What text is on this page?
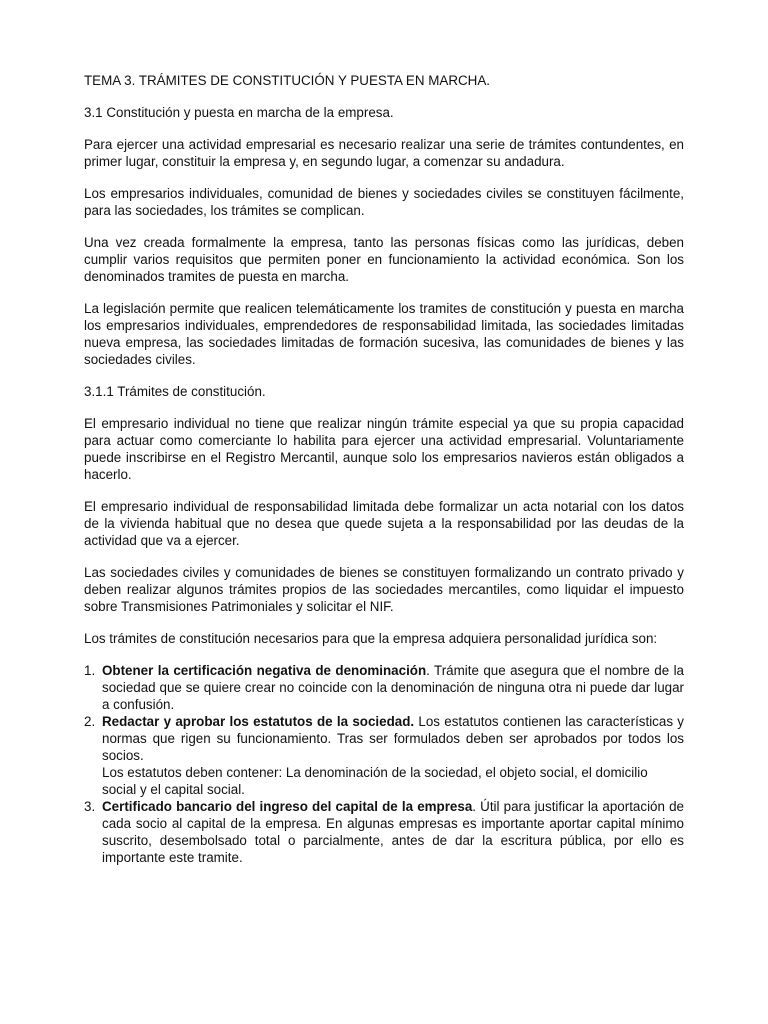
TEMA 3. TRÁMITES DE CONSTITUCIÓN Y PUESTA EN MARCHA.

3.1 Constitución y puesta en marcha de la empresa.

Para ejercer una actividad empresarial es necesario realizar una serie de trámites contundentes, en primer lugar, constituir la empresa y, en segundo lugar, a comenzar su andadura.

Los empresarios individuales, comunidad de bienes y sociedades civiles se constituyen fácilmente, para las sociedades, los trámites se complican.

Una vez creada formalmente la empresa, tanto las personas físicas como las jurídicas, deben cumplir varios requisitos que permiten poner en funcionamiento la actividad económica. Son los denominados tramites de puesta en marcha.

La legislación permite que realicen telemáticamente los tramites de constitución y puesta en marcha los empresarios individuales, emprendedores de responsabilidad limitada, las sociedades limitadas nueva empresa, las sociedades limitadas de formación sucesiva, las comunidades de bienes y las sociedades civiles.

3.1.1 Trámites de constitución.

El empresario individual no tiene que realizar ningún trámite especial ya que su propia capacidad para actuar como comerciante lo habilita para ejercer una actividad empresarial. Voluntariamente puede inscribirse en el Registro Mercantil, aunque solo los empresarios navieros están obligados a hacerlo.

El empresario individual de responsabilidad limitada debe formalizar un acta notarial con los datos de la vivienda habitual que no desea que quede sujeta a la responsabilidad por las deudas de la actividad que va a ejercer.

Las sociedades civiles y comunidades de bienes se constituyen formalizando un contrato privado y deben realizar algunos trámites propios de las sociedades mercantiles, como liquidar el impuesto sobre Transmisiones Patrimoniales y solicitar el NIF.

Los trámites de constitución necesarios para que la empresa adquiera personalidad jurídica son:

1. Obtener la certificación negativa de denominación. Trámite que asegura que el nombre de la sociedad que se quiere crear no coincide con la denominación de ninguna otra ni puede dar lugar a confusión.
2. Redactar y aprobar los estatutos de la sociedad. Los estatutos contienen las características y normas que rigen su funcionamiento. Tras ser formulados deben ser aprobados por todos los socios.
Los estatutos deben contener: La denominación de la sociedad, el objeto social, el domicilio social y el capital social.
3. Certificado bancario del ingreso del capital de la empresa. Útil para justificar la aportación de cada socio al capital de la empresa. En algunas empresas es importante aportar capital mínimo suscrito, desembolsado total o parcialmente, antes de dar la escritura pública, por ello es importante este tramite.
